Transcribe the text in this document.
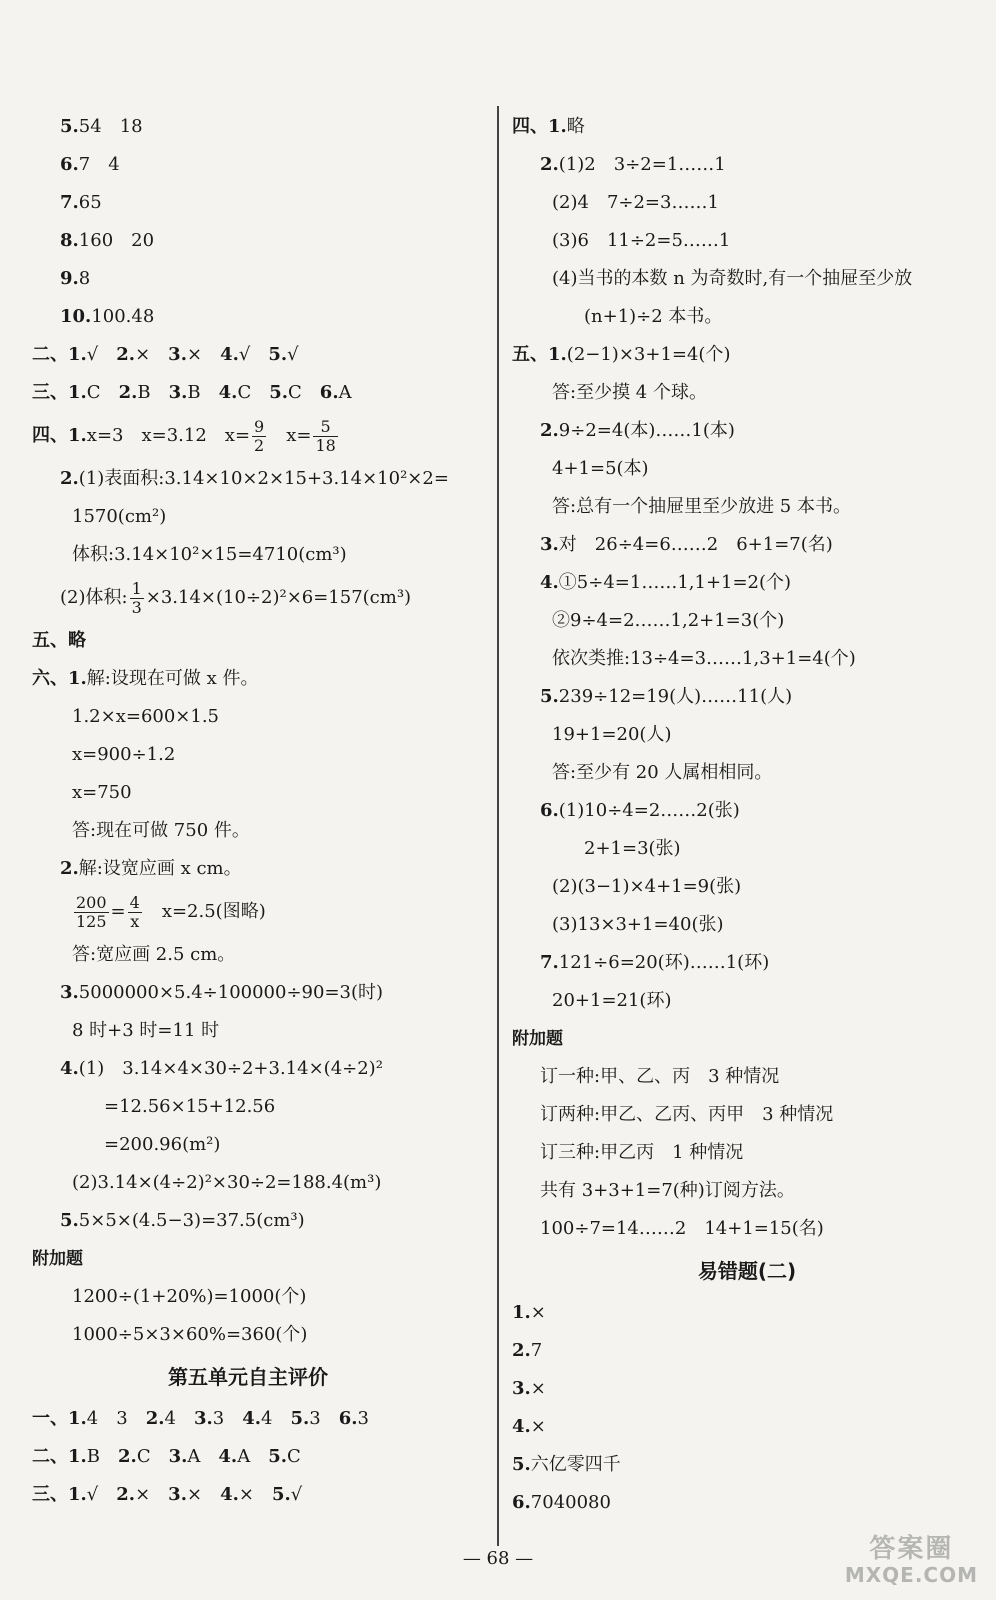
5.54　18
6.7　4
7.65
8.160　20
9.8
10.100.48
二、1.√　2.×　3.×　4.√　5.√
三、1.C　2.B　3.B　4.C　5.C　6.A
四、1.x=3　x=3.12　$x= \frac{9}{2}$ 　$x= \frac{5}{18}$
2.(1)表面积:3.14×10×2×15+3.14×10²×2=
1570(cm²)
体积:3.14×10²×15=4710(cm³)
(2)体积: $\frac{1}{3} \times 3.14\times(10\div 2)^2\times 6=157(cm^3)$
五、略
六、1.解:设现在可做 x 件。
1.2×x=600×1.5
x=900÷1.2
x=750
答:现在可做 750 件。
2.解:设宽应画 x cm。
$\frac{200}{125} = \frac{4}{x}$ 　x=2.5(图略)
答:宽应画 2.5 cm。
3.5000000×5.4÷100000÷90=3(时)
8 时+3 时=11 时
4.(1)　3.14×4×30÷2+3.14×(4÷2)²
=12.56×15+12.56
=200.96(m²)
(2)3.14×(4÷2)²×30÷2=188.4(m³)
5.5×5×(4.5−3)=37.5(cm³)
附加题
1200÷(1+20%)=1000(个)
1000÷5×3×60%=360(个)
第五单元自主评价
一、1.4　3　2.4　3.3　4.4　5.3　6.3
二、1.B　2.C　3.A　4.A　5.C
三、1.√　2.×　3.×　4.×　5.√
四、1.略
2.(1)2　3÷2=1……1
(2)4　7÷2=3……1
(3)6　11÷2=5……1
(4)当书的本数 n 为奇数时,有一个抽屉至少放
(n+1)÷2 本书。
五、1.(2−1)×3+1=4(个)
答:至少摸 4 个球。
2.9÷2=4(本)……1(本)
4+1=5(本)
答:总有一个抽屉里至少放进 5 本书。
3.对　26÷4=6……2　6+1=7(名)
4.①5÷4=1……1,1+1=2(个)
②9÷4=2……1,2+1=3(个)
依次类推:13÷4=3……1,3+1=4(个)
5.239÷12=19(人)……11(人)
19+1=20(人)
答:至少有 20 人属相相同。
6.(1)10÷4=2……2(张)
2+1=3(张)
(2)(3−1)×4+1=9(张)
(3)13×3+1=40(张)
7.121÷6=20(环)……1(环)
20+1=21(环)
附加题
订一种:甲、乙、丙　3 种情况
订两种:甲乙、乙丙、丙甲　3 种情况
订三种:甲乙丙　1 种情况
共有 3+3+1=7(种)订阅方法。
100÷7=14……2　14+1=15(名)
易错题(二)
1.×
2.7
3.×
4.×
5.六亿零四千
6.7040080
— 68 —	答案圈
MXQE.COM
